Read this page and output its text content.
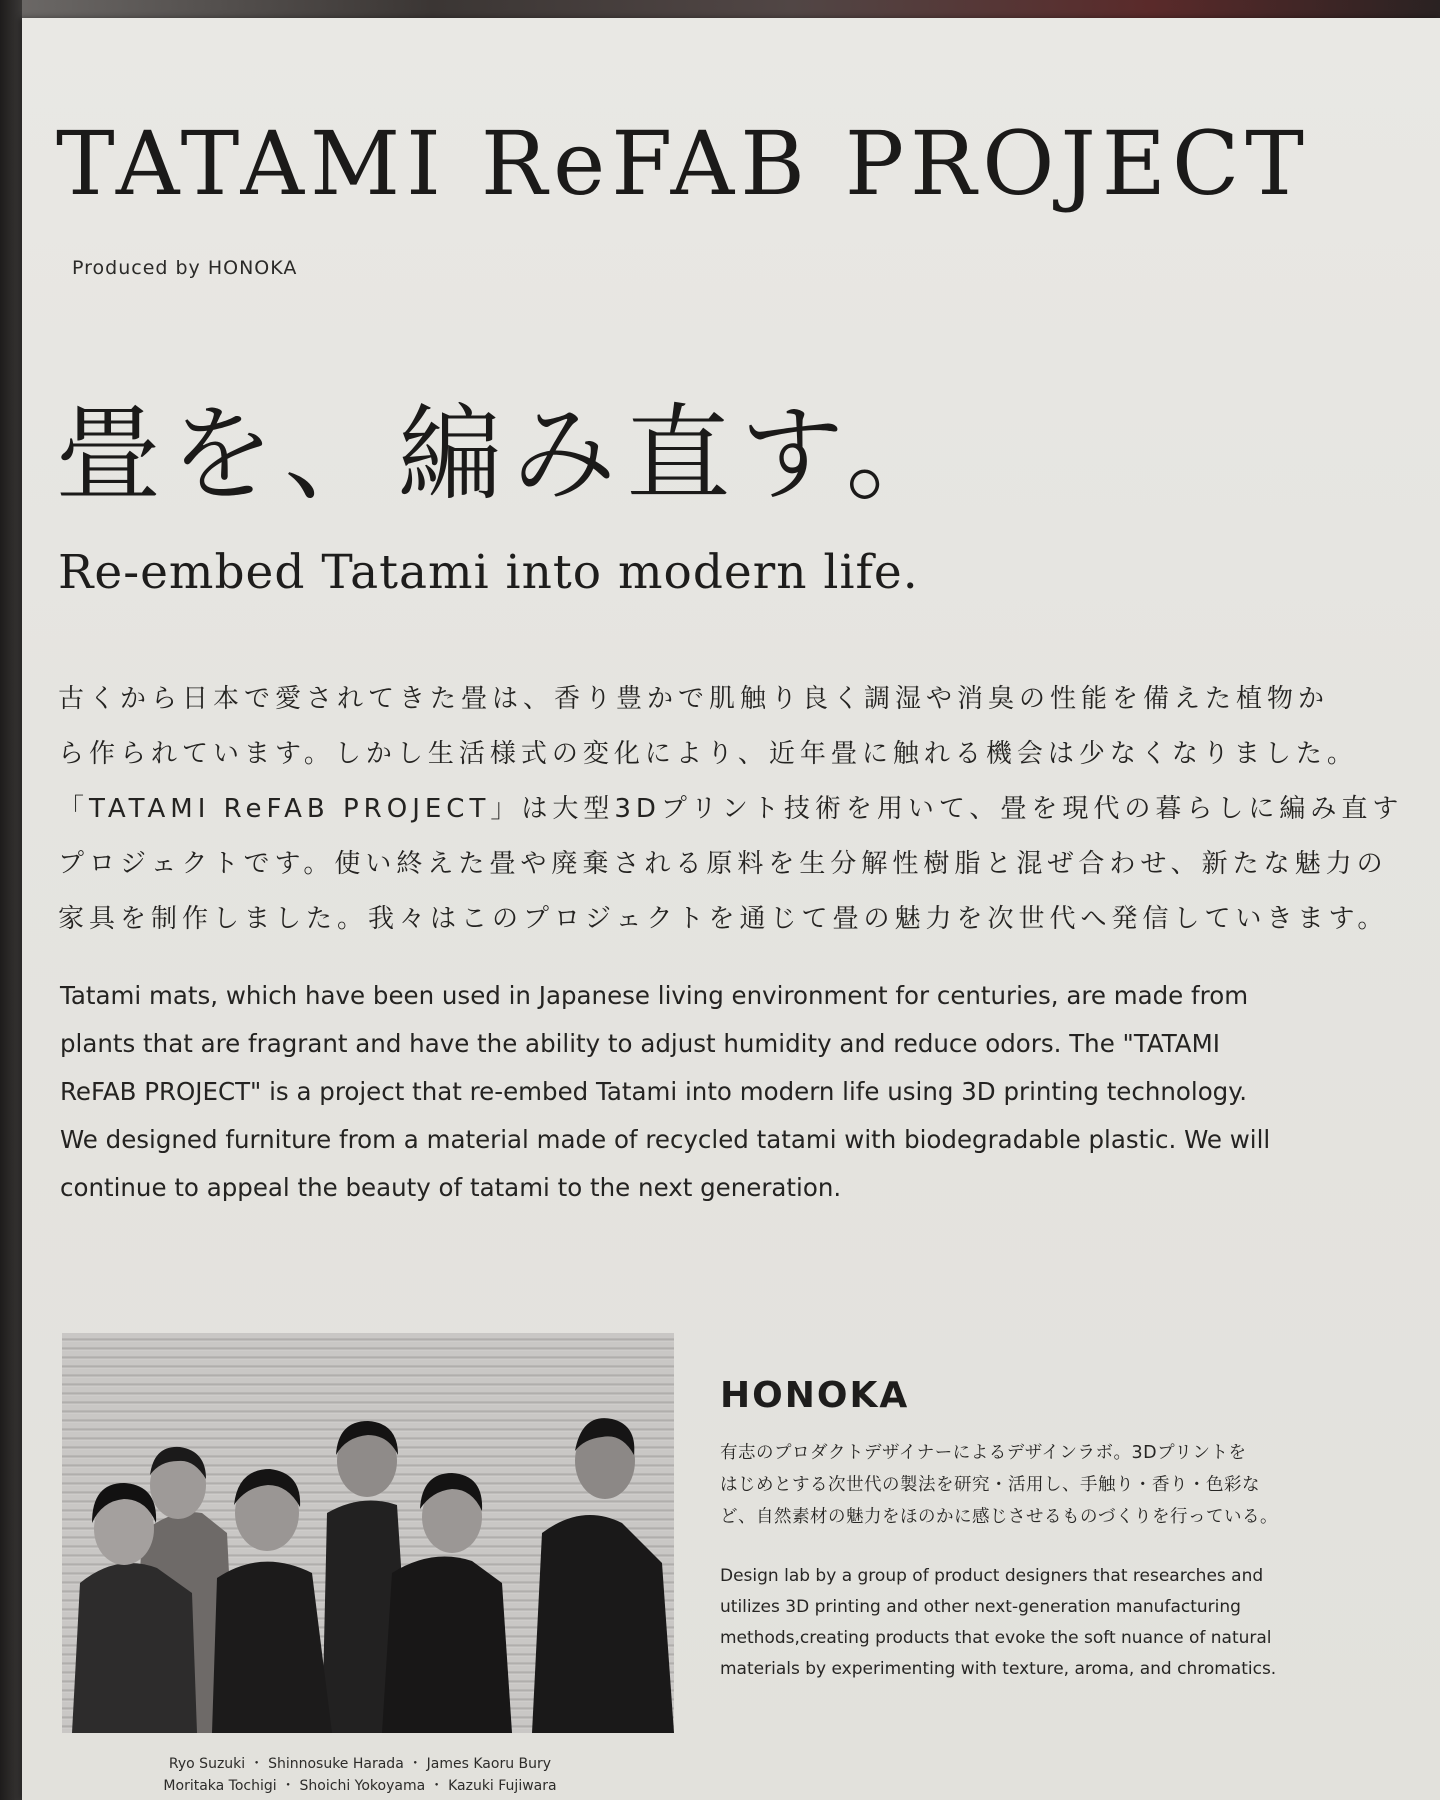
TATAMI ReFAB PROJECT
Produced by HONOKA
畳を、編み直す。
Re-embed Tatami into modern life.
古くから日本で愛されてきた畳は、香り豊かで肌触り良く調湿や消臭の性能を備えた植物か
ら作られています。しかし生活様式の変化により、近年畳に触れる機会は少なくなりました。
「TATAMI ReFAB PROJECT」は大型3Dプリント技術を用いて、畳を現代の暮らしに編み直す
プロジェクトです。使い終えた畳や廃棄される原料を生分解性樹脂と混ぜ合わせ、新たな魅力の
家具を制作しました。我々はこのプロジェクトを通じて畳の魅力を次世代へ発信していきます。
Tatami mats, which have been used in Japanese living environment for centuries, are made from
plants that are fragrant and have the ability to adjust humidity and reduce odors. The "TATAMI
ReFAB PROJECT" is a project that re-embed Tatami into modern life using 3D printing technology.
We designed furniture from a material made of recycled tatami with biodegradable plastic. We will
continue to appeal the beauty of tatami to the next generation.
Ryo Suzuki ・ Shinnosuke Harada ・ James Kaoru Bury
Moritaka Tochigi ・ Shoichi Yokoyama ・ Kazuki Fujiwara
HONOKA
有志のプロダクトデザイナーによるデザインラボ。3Dプリントを
はじめとする次世代の製法を研究・活用し、手触り・香り・色彩な
ど、自然素材の魅力をほのかに感じさせるものづくりを行っている。
Design lab by a group of product designers that researches and
utilizes 3D printing and other next-generation manufacturing
methods,creating products that evoke the soft nuance of natural
materials by experimenting with texture, aroma, and chromatics.
